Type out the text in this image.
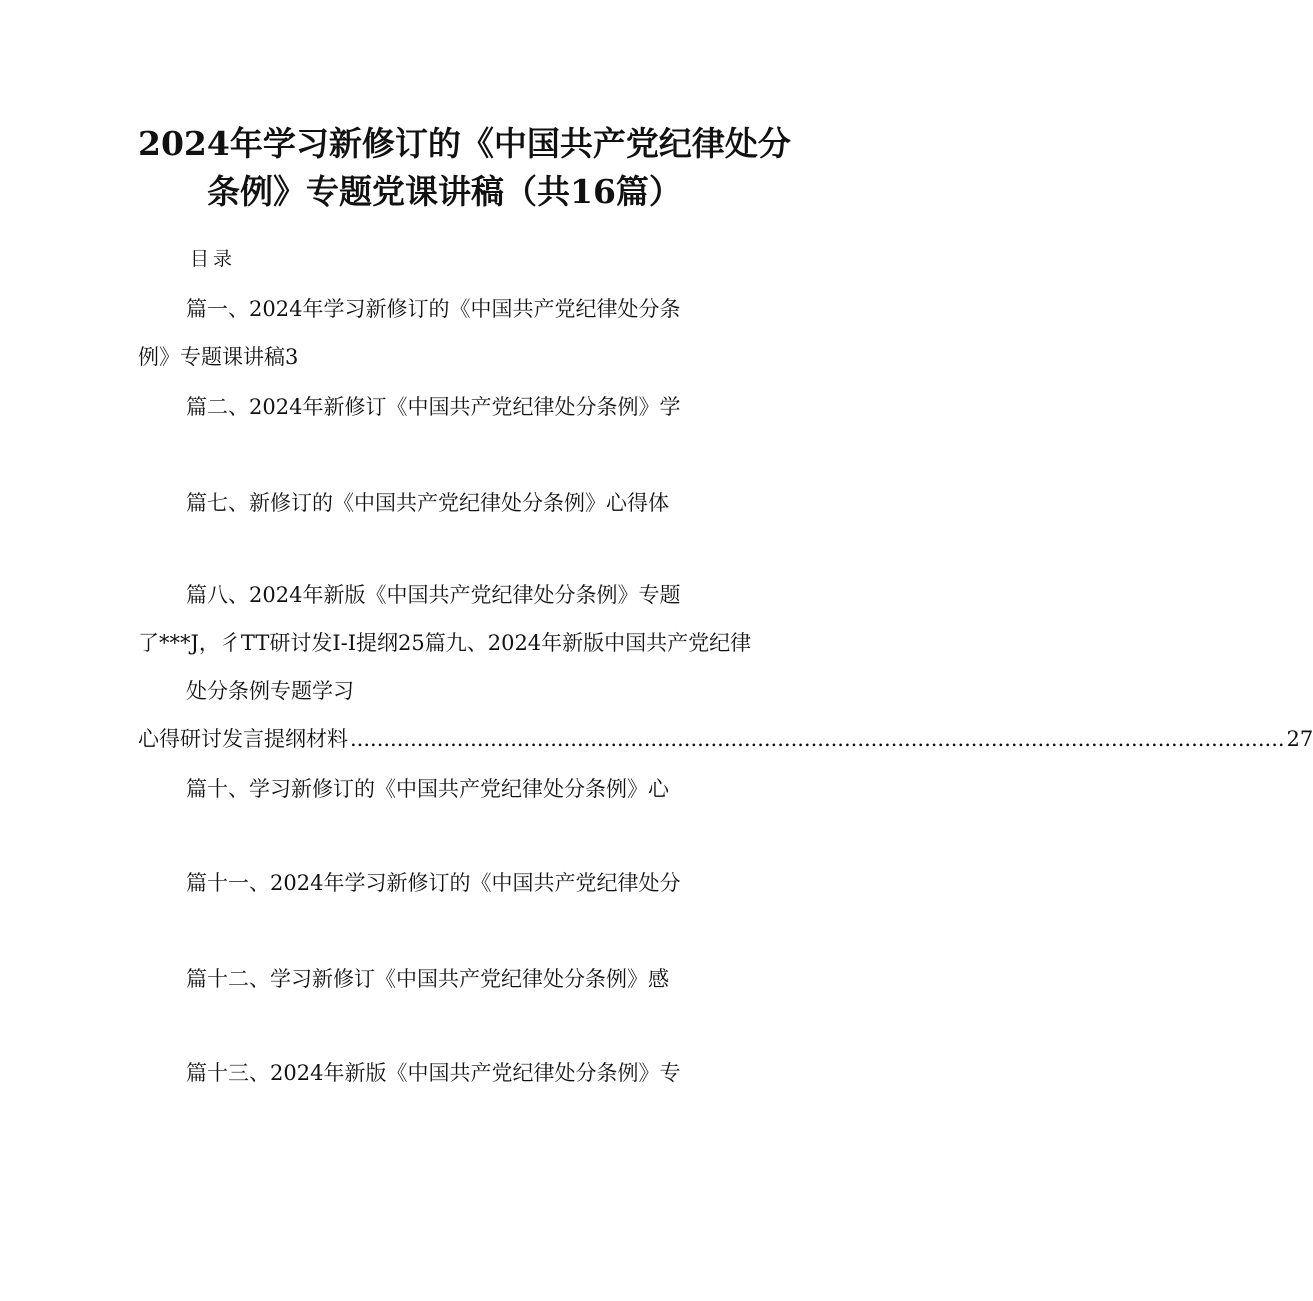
2024年学习新修订的《中国共产党纪律处分
条例》专题党课讲稿（共16篇）
目录
篇一、2024年学习新修订的《中国共产党纪律处分条
例》专题课讲稿3
篇二、2024年新修订《中国共产党纪律处分条例》学
篇七、新修订的《中国共产党纪律处分条例》心得体
篇八、2024年新版《中国共产党纪律处分条例》专题
了***J，彳TT研讨发I-I提纲25篇九、2024年新版中国共产党纪律
处分条例专题学习
心得研讨发言提纲材料 ............................................................................................................................................ 27
篇十、学习新修订的《中国共产党纪律处分条例》心
篇十一、2024年学习新修订的《中国共产党纪律处分
篇十二、学习新修订《中国共产党纪律处分条例》感
篇十三、2024年新版《中国共产党纪律处分条例》专
